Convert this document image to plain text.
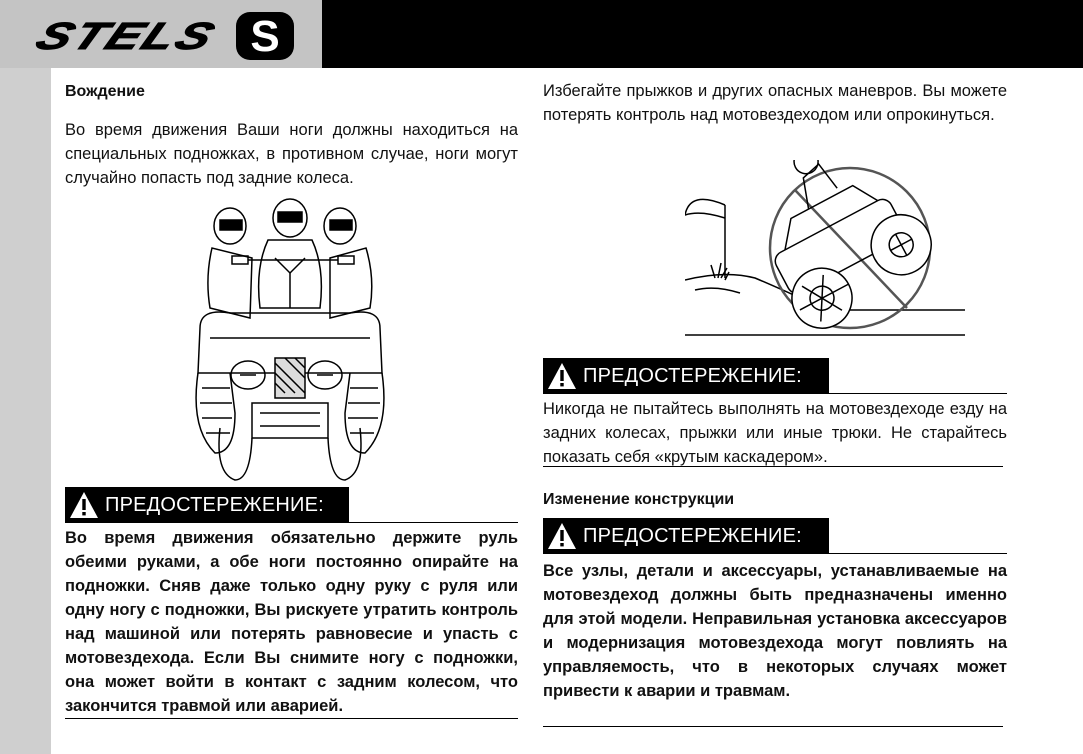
STELS	S
Вождение

Во время движения Ваши ноги должны находиться на специальных подножках, в противном случае, ноги могут случайно попасть под задние колеса.

ПРЕДОСТЕРЕЖЕНИЕ:

Во время движения обязательно держите руль обеими руками, а обе ноги постоянно опирайте на подножки. Сняв даже только одну руку с руля или одну ногу с подножки, Вы рискуете утратить контроль над машиной или потерять равновесие и упасть с мотовездехода. Если Вы снимите ногу с подножки, она может войти в контакт с задним колесом, что закончится травмой или аварией.

Избегайте прыжков и других опасных маневров. Вы можете потерять контроль над мотовездеходом или опрокинуться.

ПРЕДОСТЕРЕЖЕНИЕ:

Никогда не пытайтесь выполнять на мотовездеходе езду на задних колесах, прыжки или иные трюки. Не старайтесь показать себя «крутым каскадером».

Изменение конструкции
ПРЕДОСТЕРЕЖЕНИЕ:

Все узлы, детали и аксессуары, устанавливаемые на мотовездеход должны быть предназначены именно для этой модели. Неправильная установка аксессуаров и модернизация мотовездехода могут повлиять на управляемость, что в некоторых случаях может привести к аварии и травмам.
